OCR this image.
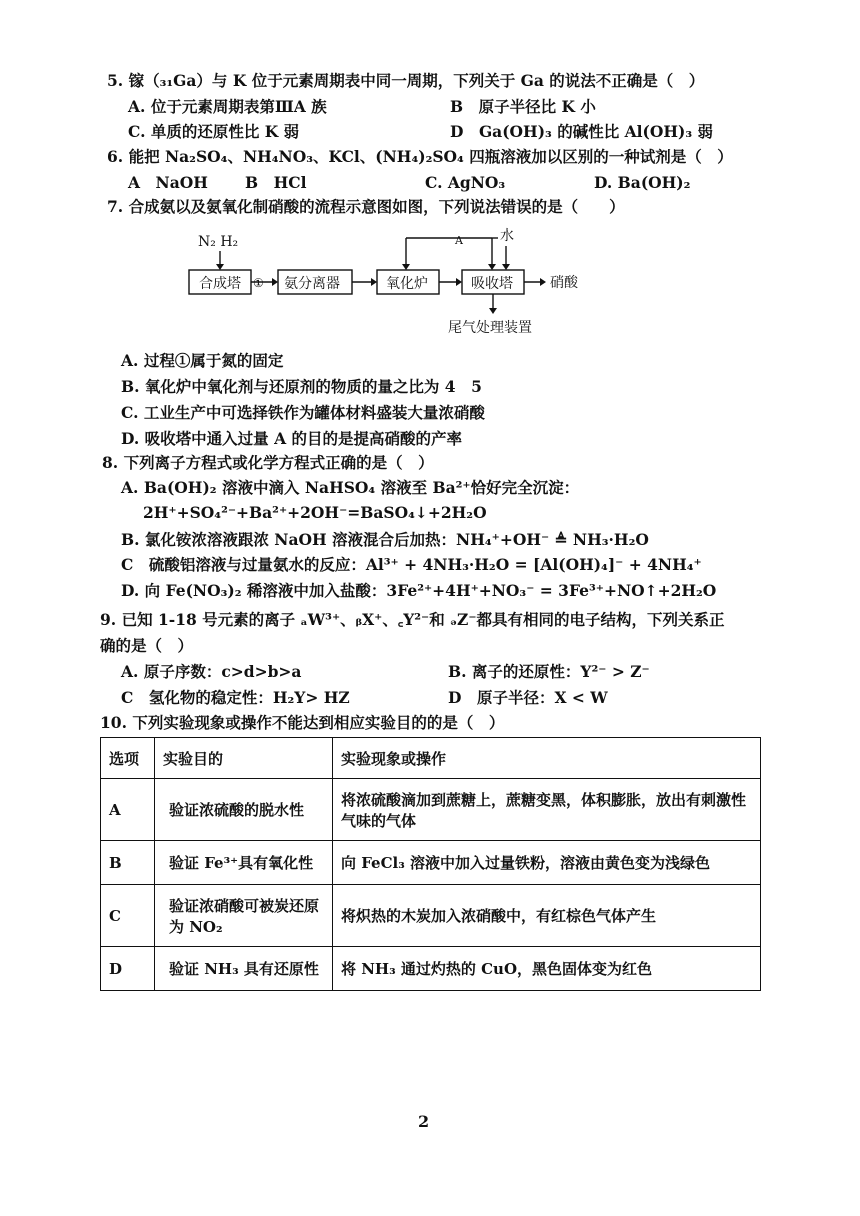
5. 镓（₃₁Ga）与 K 位于元素周期表中同一周期，下列关于 Ga 的说法不正确是（　）
A. 位于元素周期表第ⅢA 族	B　原子半径比 K 小
C. 单质的还原性比 K 弱	D　Ga(OH)₃ 的碱性比 Al(OH)₃ 弱
6. 能把 Na₂SO₄、NH₄NO₃、KCl、(NH₄)₂SO₄ 四瓶溶液加以区别的一种试剂是（　）
A　NaOH B　HCl	C. AgNO₃	D. Ba(OH)₂
7. 合成氨以及氨氧化制硝酸的流程示意图如图，下列说法错误的是（　　）
N₂ H₂
合成塔 ① 氨分离器	氧化炉	吸收塔	硝酸
A	水
尾气处理装置
A. 过程①属于氮的固定
B. 氧化炉中氧化剂与还原剂的物质的量之比为 4　5
C. 工业生产中可选择铁作为罐体材料盛装大量浓硝酸
D. 吸收塔中通入过量 A 的目的是提高硝酸的产率
8. 下列离子方程式或化学方程式正确的是（　）
A. Ba(OH)₂ 溶液中滴入 NaHSO₄ 溶液至 Ba²⁺恰好完全沉淀：
2H⁺+SO₄²⁻+Ba²⁺+2OH⁻=BaSO₄↓+2H₂O
B. 氯化铵浓溶液跟浓 NaOH 溶液混合后加热：NH₄⁺+OH⁻ ≜ NH₃·H₂O
C　硫酸铝溶液与过量氨水的反应：Al³⁺ + 4NH₃·H₂O = [Al(OH)₄]⁻ + 4NH₄⁺
D. 向 Fe(NO₃)₂ 稀溶液中加入盐酸：3Fe²⁺+4H⁺+NO₃⁻ = 3Fe³⁺+NO↑+2H₂O
9. 已知 1-18 号元素的离子 ₐW³⁺、ᵦX⁺、꜀Y²⁻和 ₔZ⁻都具有相同的电子结构，下列关系正
确的是（　）
A. 原子序数：c>d>b>a	B. 离子的还原性：Y²⁻ > Z⁻
C　氢化物的稳定性：H₂Y> HZ	D　原子半径：X < W
10. 下列实验现象或操作不能达到相应实验目的的是（　）
选项	实验目的	实验现象或操作
A	验证浓硫酸的脱水性	将浓硫酸滴加到蔗糖上，蔗糖变黑，体积膨胀，放出有刺激性气味的气体
B	验证 Fe³⁺具有氧化性	向 FeCl₃ 溶液中加入过量铁粉，溶液由黄色变为浅绿色
C	验证浓硝酸可被炭还原为 NO₂	将炽热的木炭加入浓硝酸中，有红棕色气体产生
D	验证 NH₃ 具有还原性	将 NH₃ 通过灼热的 CuO，黑色固体变为红色
2
